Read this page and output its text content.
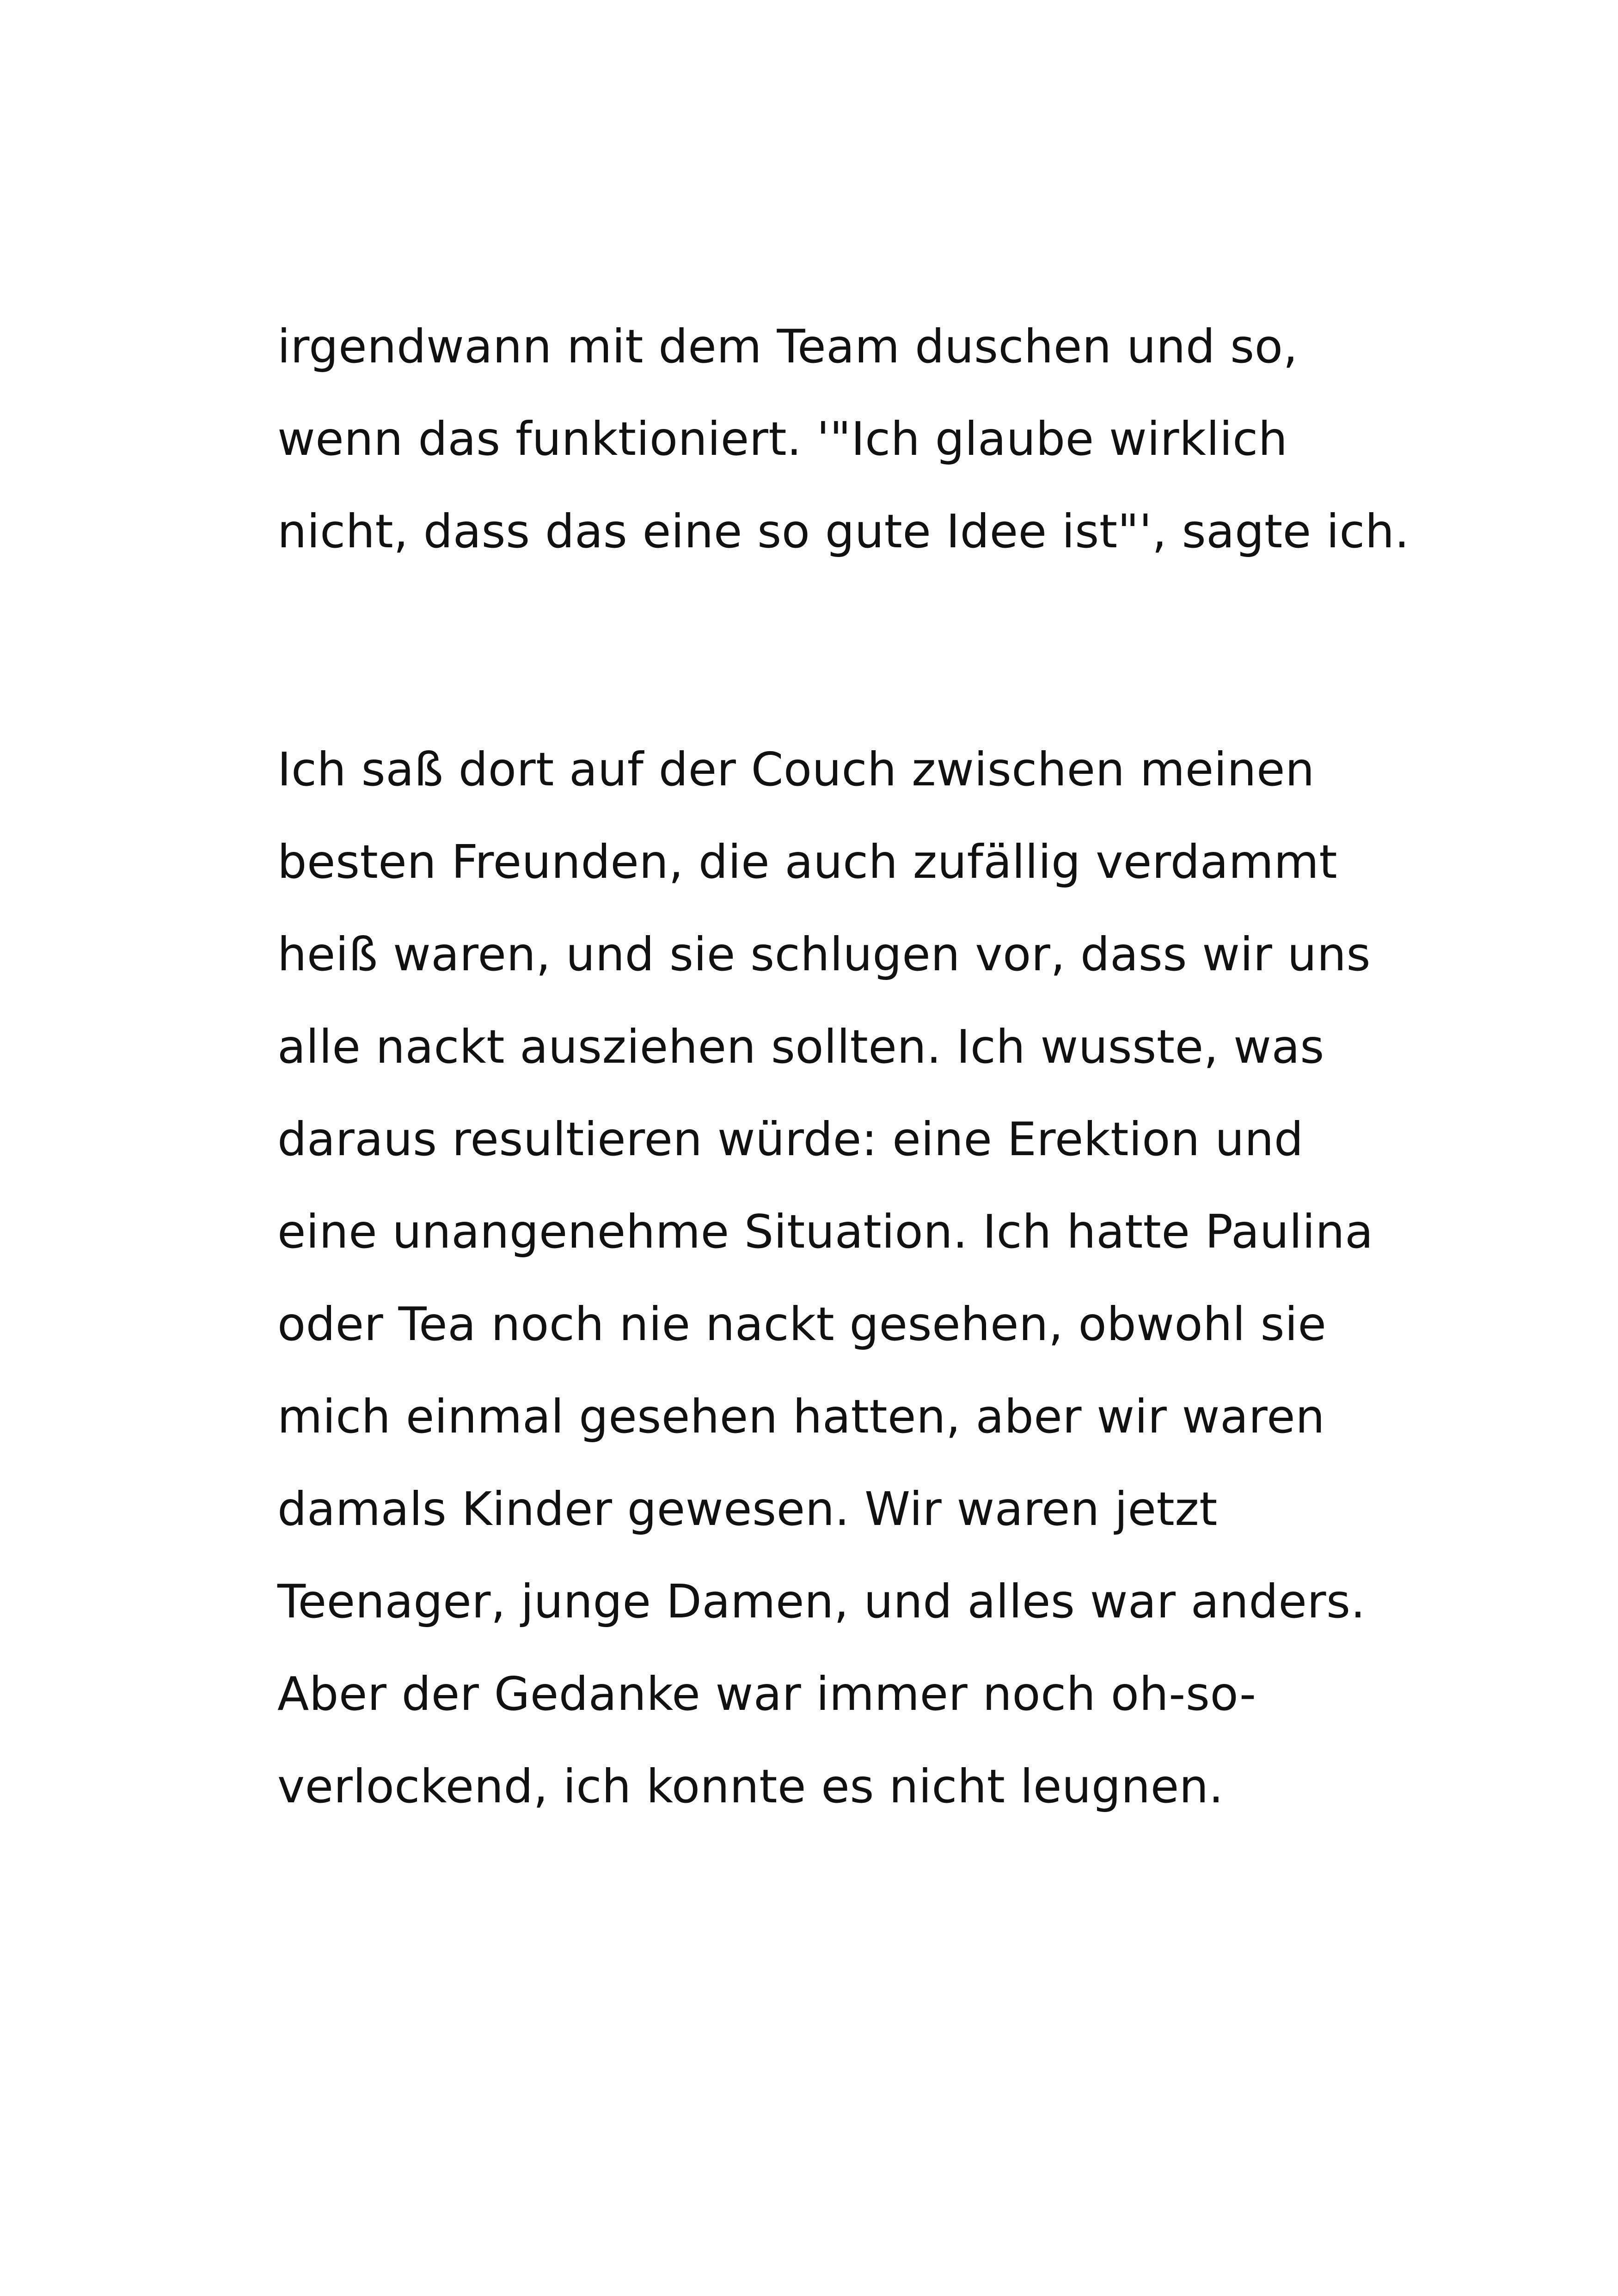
irgendwann mit dem Team duschen und so,
wenn das funktioniert. '"Ich glaube wirklich
nicht, dass das eine so gute Idee ist"', sagte ich.
Ich saß dort auf der Couch zwischen meinen
besten Freunden, die auch zufällig verdammt
heiß waren, und sie schlugen vor, dass wir uns
alle nackt ausziehen sollten. Ich wusste, was
daraus resultieren würde: eine Erektion und
eine unangenehme Situation. Ich hatte Paulina
oder Tea noch nie nackt gesehen, obwohl sie
mich einmal gesehen hatten, aber wir waren
damals Kinder gewesen. Wir waren jetzt
Teenager, junge Damen, und alles war anders.
Aber der Gedanke war immer noch oh-so-
verlockend, ich konnte es nicht leugnen.
